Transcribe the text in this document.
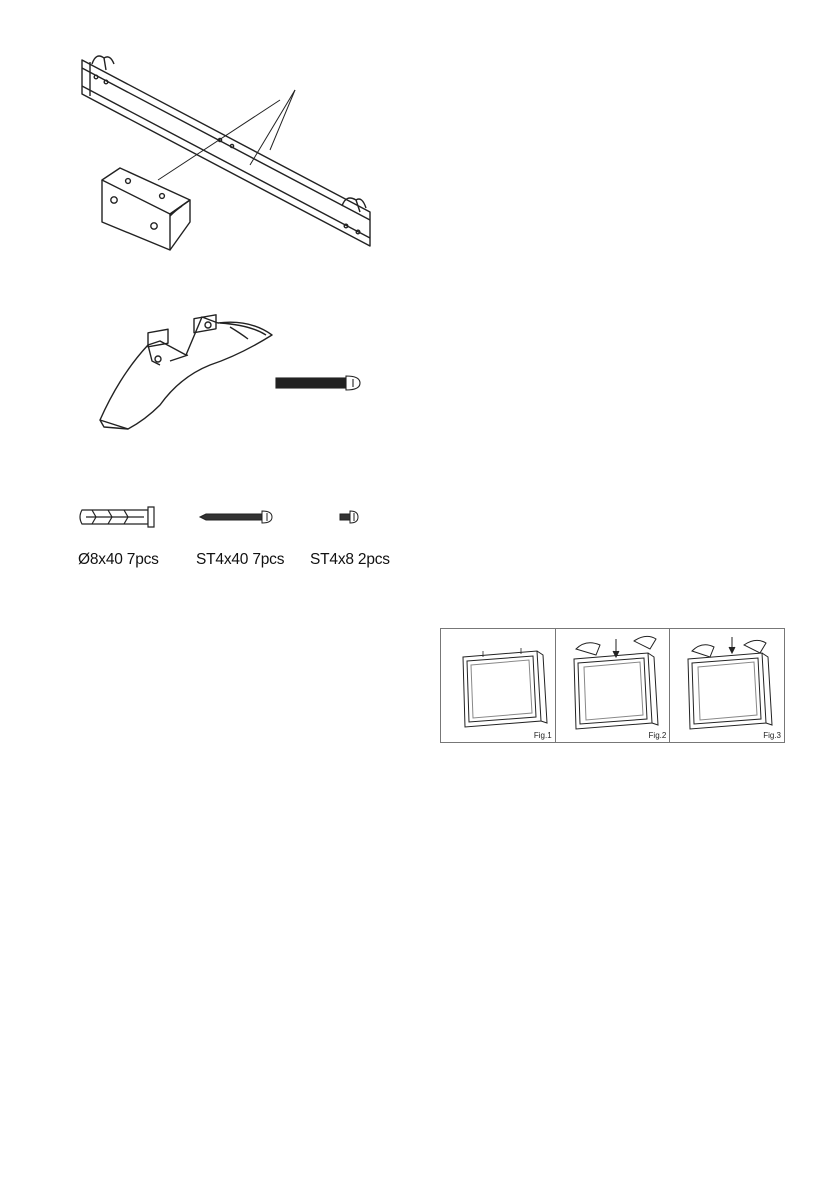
Ø8x40 7pcs ST4x40 7pcs ST4x8 2pcs
Fig.1	Fig.2	Fig.3
